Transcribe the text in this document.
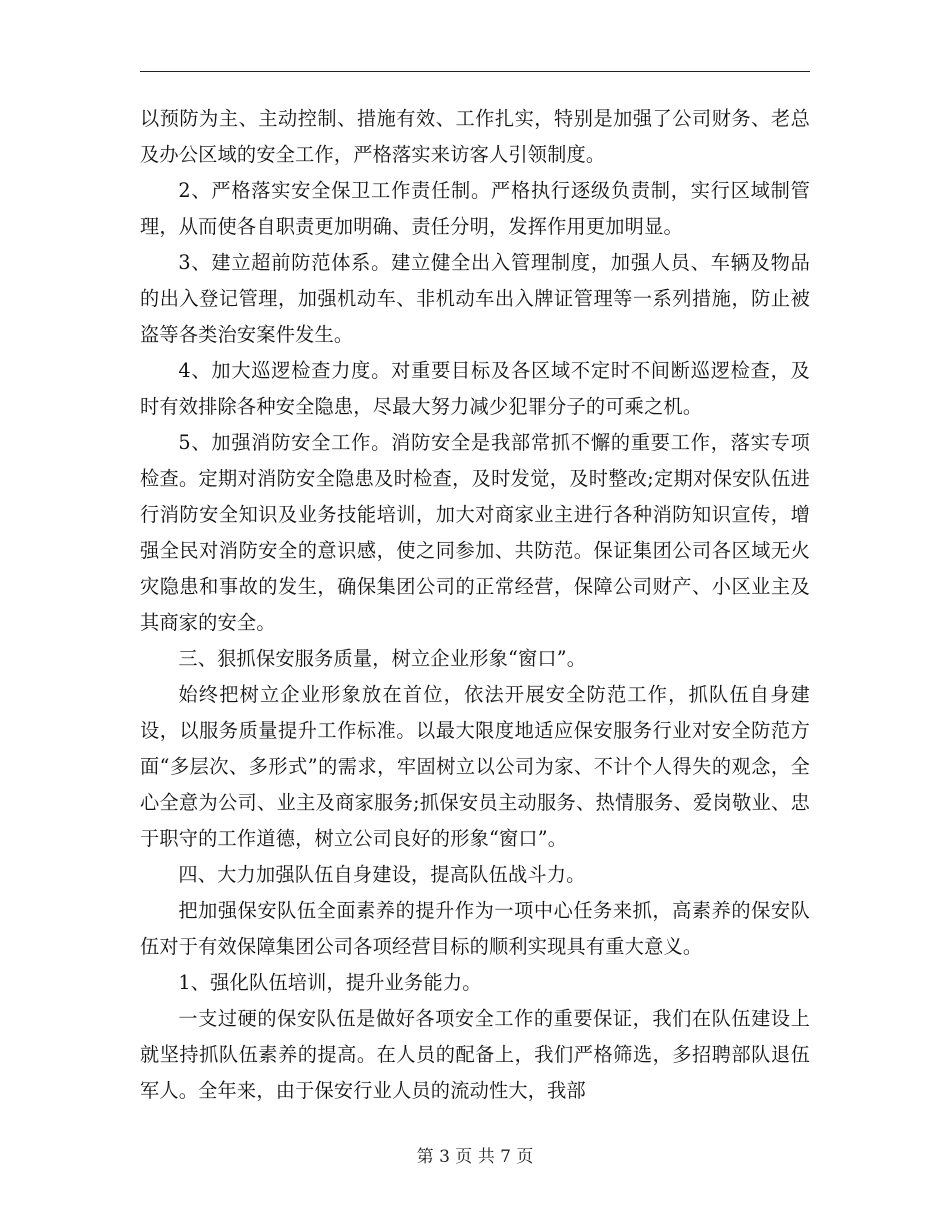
以预防为主、主动控制、措施有效、工作扎实，特别是加强了公司财务、老总及办公区域的安全工作，严格落实来访客人引领制度。

2、严格落实安全保卫工作责任制。严格执行逐级负责制，实行区域制管理，从而使各自职责更加明确、责任分明，发挥作用更加明显。

3、建立超前防范体系。建立健全出入管理制度，加强人员、车辆及物品的出入登记管理，加强机动车、非机动车出入牌证管理等一系列措施，防止被盗等各类治安案件发生。

4、加大巡逻检查力度。对重要目标及各区域不定时不间断巡逻检查，及时有效排除各种安全隐患，尽最大努力减少犯罪分子的可乘之机。

5、加强消防安全工作。消防安全是我部常抓不懈的重要工作，落实专项检查。定期对消防安全隐患及时检查，及时发觉，及时整改;定期对保安队伍进行消防安全知识及业务技能培训，加大对商家业主进行各种消防知识宣传，增强全民对消防安全的意识感，使之同参加、共防范。保证集团公司各区域无火灾隐患和事故的发生，确保集团公司的正常经营，保障公司财产、小区业主及其商家的安全。

三、狠抓保安服务质量，树立企业形象“窗口”。

始终把树立企业形象放在首位，依法开展安全防范工作，抓队伍自身建设，以服务质量提升工作标准。以最大限度地适应保安服务行业对安全防范方面“多层次、多形式”的需求，牢固树立以公司为家、不计个人得失的观念，全心全意为公司、业主及商家服务;抓保安员主动服务、热情服务、爱岗敬业、忠于职守的工作道德，树立公司良好的形象“窗口”。

四、大力加强队伍自身建设，提高队伍战斗力。

把加强保安队伍全面素养的提升作为一项中心任务来抓，高素养的保安队伍对于有效保障集团公司各项经营目标的顺利实现具有重大意义。

1、强化队伍培训，提升业务能力。

一支过硬的保安队伍是做好各项安全工作的重要保证，我们在队伍建设上就坚持抓队伍素养的提高。在人员的配备上，我们严格筛选，多招聘部队退伍军人。全年来，由于保安行业人员的流动性大，我部

第 3 页 共 7 页
